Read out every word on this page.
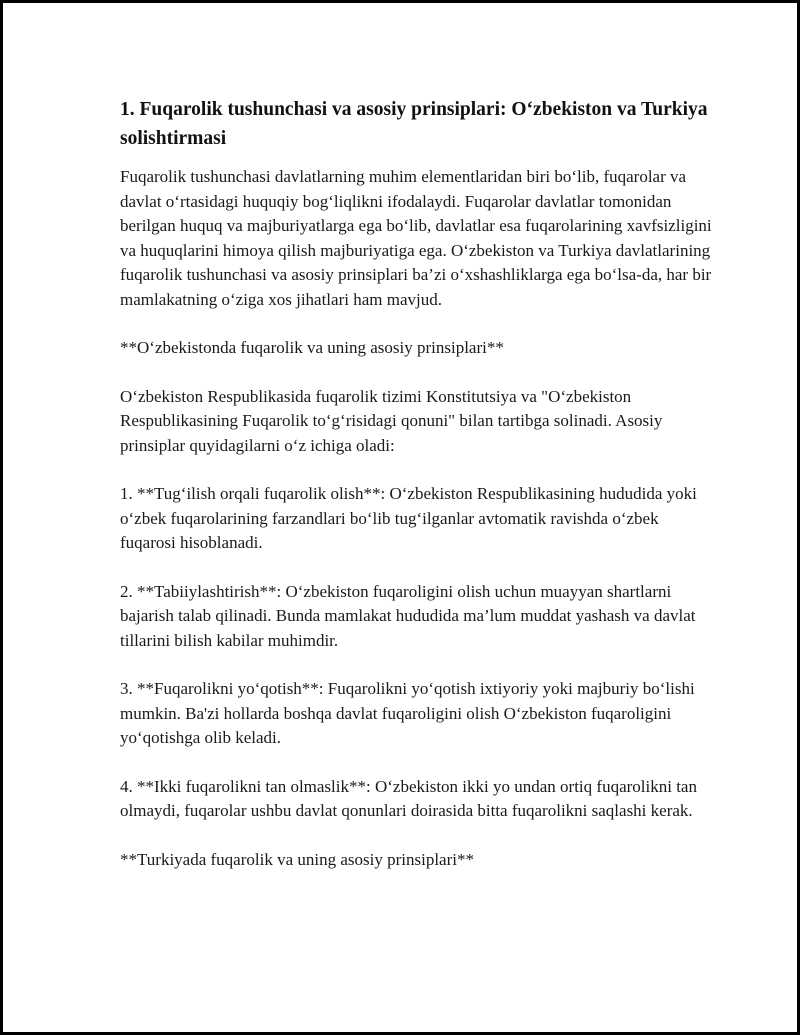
1. Fuqarolik tushunchasi va asosiy prinsiplari: O‘zbekiston va Turkiya solishtirmasi

Fuqarolik tushunchasi davlatlarning muhim elementlaridan biri bo‘lib, fuqarolar va davlat o‘rtasidagi huquqiy bog‘liqlikni ifodalaydi. Fuqarolar davlatlar tomonidan berilgan huquq va majburiyatlarga ega bo‘lib, davlatlar esa fuqarolarining xavfsizligini va huquqlarini himoya qilish majburiyatiga ega. O‘zbekiston va Turkiya davlatlarining fuqarolik tushunchasi va asosiy prinsiplari ba’zi o‘xshashliklarga ega bo‘lsa-da, har bir mamlakatning o‘ziga xos jihatlari ham mavjud.

**O‘zbekistonda fuqarolik va uning asosiy prinsiplari**

O‘zbekiston Respublikasida fuqarolik tizimi Konstitutsiya va "O‘zbekiston Respublikasining Fuqarolik to‘g‘risidagi qonuni" bilan tartibga solinadi. Asosiy prinsiplar quyidagilarni o‘z ichiga oladi:

1. **Tug‘ilish orqali fuqarolik olish**: O‘zbekiston Respublikasining hududida yoki o‘zbek fuqarolarining farzandlari bo‘lib tug‘ilganlar avtomatik ravishda o‘zbek fuqarosi hisoblanadi.

2. **Tabiiylashtirish**: O‘zbekiston fuqaroligini olish uchun muayyan shartlarni bajarish talab qilinadi. Bunda mamlakat hududida ma’lum muddat yashash va davlat tillarini bilish kabilar muhimdir.

3. **Fuqarolikni yo‘qotish**: Fuqarolikni yo‘qotish ixtiyoriy yoki majburiy bo‘lishi mumkin. Ba'zi hollarda boshqa davlat fuqaroligini olish O‘zbekiston fuqaroligini yo‘qotishga olib keladi.

4. **Ikki fuqarolikni tan olmaslik**: O‘zbekiston ikki yo undan ortiq fuqarolikni tan olmaydi, fuqarolar ushbu davlat qonunlari doirasida bitta fuqarolikni saqlashi kerak.

**Turkiyada fuqarolik va uning asosiy prinsiplari**
